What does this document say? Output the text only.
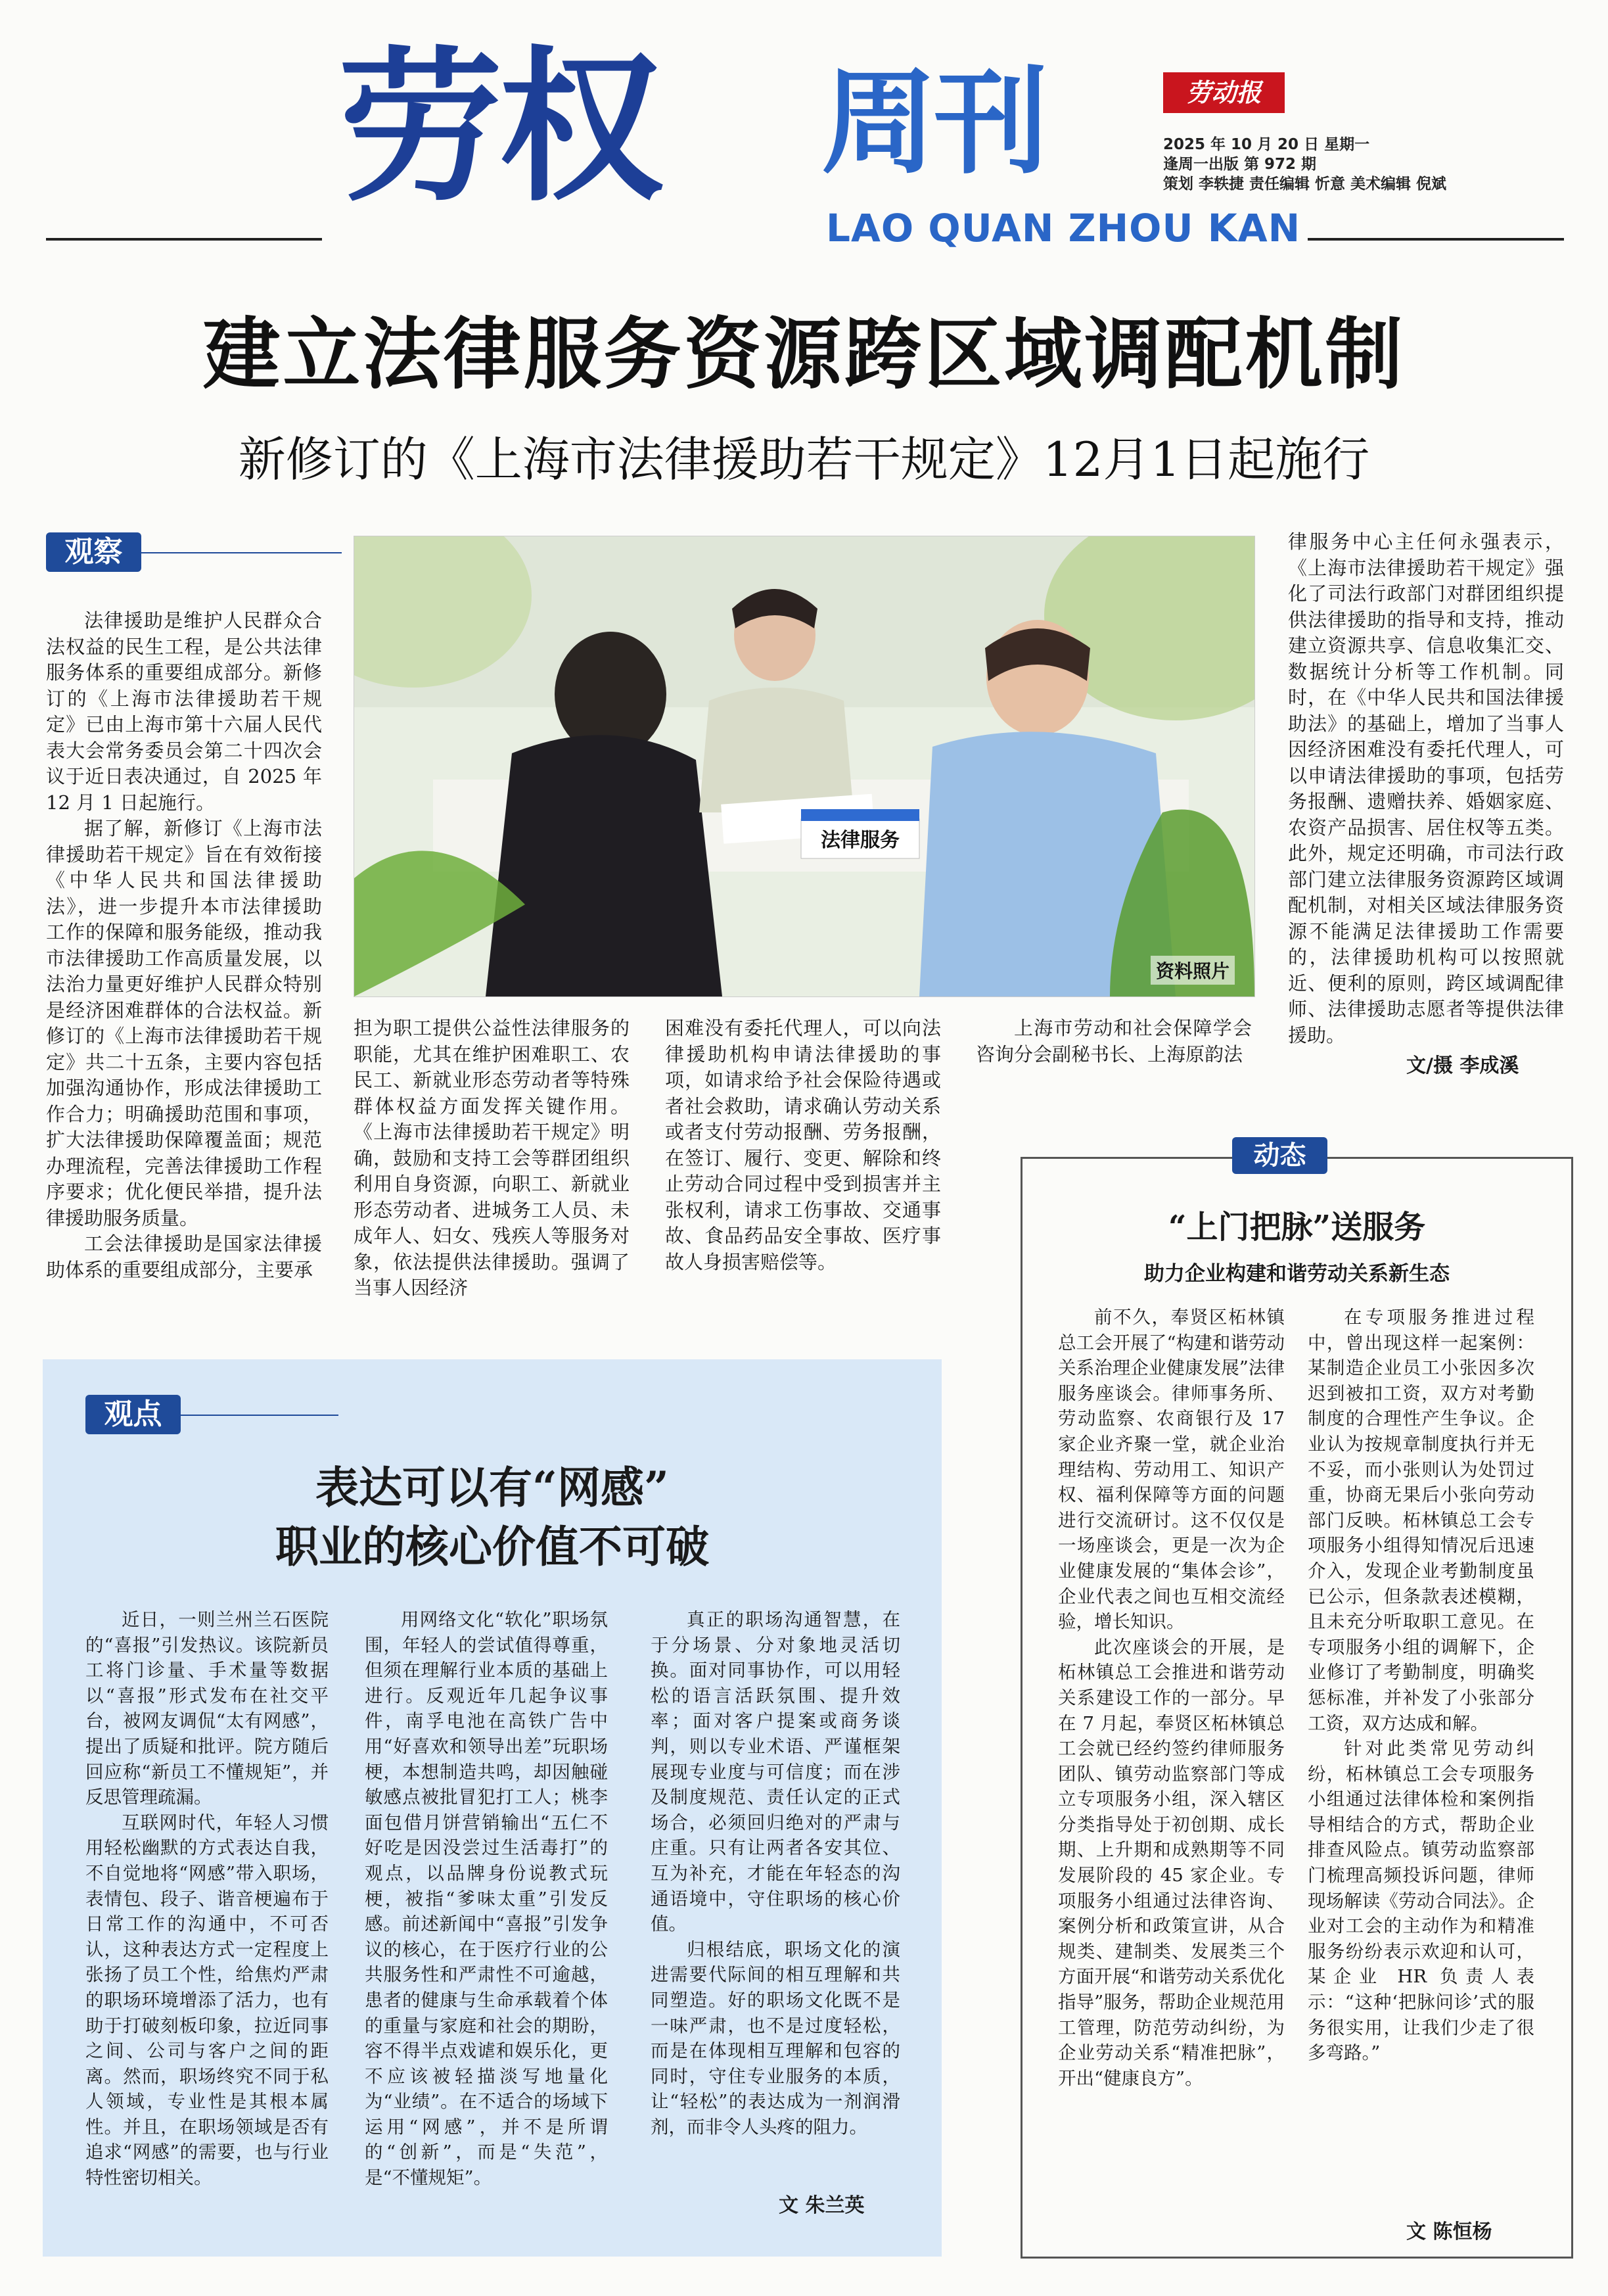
劳权 周刊
LAO QUAN ZHOU KAN
劳动报
2025 年 10 月 20 日 星期一
逢周一出版 第 972 期
策划 李轶捷 责任编辑 忻意 美术编辑 倪斌
建立法律服务资源跨区域调配机制
新修订的《上海市法律援助若干规定》12月1日起施行
观察

法律援助是维护人民群众合法权益的民生工程，是公共法律服务体系的重要组成部分。新修订的《上海市法律援助若干规定》已由上海市第十六届人民代表大会常务委员会第二十四次会议于近日表决通过，自 2025 年 12 月 1 日起施行。

据了解，新修订《上海市法律援助若干规定》旨在有效衔接《中华人民共和国法律援助法》，进一步提升本市法律援助工作的保障和服务能级，推动我市法律援助工作高质量发展，以法治力量更好维护人民群众特别是经济困难群体的合法权益。新修订的《上海市法律援助若干规定》共二十五条，主要内容包括加强沟通协作，形成法律援助工作合力；明确援助范围和事项，扩大法律援助保障覆盖面；规范办理流程，完善法律援助工作程序要求；优化便民举措，提升法律援助服务质量。

工会法律援助是国家法律援助体系的重要组成部分，主要承

法律服务
资料照片

担为职工提供公益性法律服务的职能，尤其在维护困难职工、农民工、新就业形态劳动者等特殊群体权益方面发挥关键作用。《上海市法律援助若干规定》明确，鼓励和支持工会等群团组织利用自身资源，向职工、新就业形态劳动者、进城务工人员、未成年人、妇女、残疾人等服务对象，依法提供法律援助。强调了当事人因经济

困难没有委托代理人，可以向法律援助机构申请法律援助的事项，如请求给予社会保险待遇或者社会救助，请求确认劳动关系或者支付劳动报酬、劳务报酬，在签订、履行、变更、解除和终止劳动合同过程中受到损害并主张权利，请求工伤事故、交通事故、食品药品安全事故、医疗事故人身损害赔偿等。

上海市劳动和社会保障学会咨询分会副秘书长、上海原韵法

律服务中心主任何永强表示，《上海市法律援助若干规定》强化了司法行政部门对群团组织提供法律援助的指导和支持，推动建立资源共享、信息收集汇交、数据统计分析等工作机制。同时，在《中华人民共和国法律援助法》的基础上，增加了当事人因经济困难没有委托代理人，可以申请法律援助的事项，包括劳务报酬、遗赠扶养、婚姻家庭、农资产品损害、居住权等五类。此外，规定还明确，市司法行政部门建立法律服务资源跨区域调配机制，对相关区域法律服务资源不能满足法律援助工作需要的，法律援助机构可以按照就近、便利的原则，跨区域调配律师、法律援助志愿者等提供法律援助。

文/摄 李成溪
观点
表达可以有“网感”
职业的核心价值不可破

近日，一则兰州兰石医院的“喜报”引发热议。该院新员工将门诊量、手术量等数据以“喜报”形式发布在社交平台，被网友调侃“太有网感”，提出了质疑和批评。院方随后回应称“新员工不懂规矩”，并反思管理疏漏。

互联网时代，年轻人习惯用轻松幽默的方式表达自我，不自觉地将“网感”带入职场，表情包、段子、谐音梗遍布于日常工作的沟通中，不可否认，这种表达方式一定程度上张扬了员工个性，给焦灼严肃的职场环境增添了活力，也有助于打破刻板印象，拉近同事之间、公司与客户之间的距离。然而，职场终究不同于私人领域，专业性是其根本属性。并且，在职场领域是否有追求“网感”的需要，也与行业特性密切相关。

用网络文化“软化”职场氛围，年轻人的尝试值得尊重，但须在理解行业本质的基础上进行。反观近年几起争议事件，南孚电池在高铁广告中用“好喜欢和领导出差”玩职场梗，本想制造共鸣，却因触碰敏感点被批冒犯打工人；桃李面包借月饼营销输出“五仁不好吃是因没尝过生活毒打”的观点，以品牌身份说教式玩梗，被指“爹味太重”引发反感。前述新闻中“喜报”引发争议的核心，在于医疗行业的公共服务性和严肃性不可逾越，患者的健康与生命承载着个体的重量与家庭和社会的期盼，容不得半点戏谑和娱乐化，更不应该被轻描淡写地量化为“业绩”。在不适合的场域下运用“网感”，并不是所谓的“创新”，而是“失范”，是“不懂规矩”。

真正的职场沟通智慧，在于分场景、分对象地灵活切换。面对同事协作，可以用轻松的语言活跃氛围、提升效率；面对客户提案或商务谈判，则以专业术语、严谨框架展现专业度与可信度；而在涉及制度规范、责任认定的正式场合，必须回归绝对的严肃与庄重。只有让两者各安其位、互为补充，才能在年轻态的沟通语境中，守住职场的核心价值。

归根结底，职场文化的演进需要代际间的相互理解和共同塑造。好的职场文化既不是一味严肃，也不是过度轻松，而是在体现相互理解和包容的同时，守住专业服务的本质，让“轻松”的表达成为一剂润滑剂，而非令人头疼的阻力。

文 朱兰英
动态
“上门把脉”送服务
助力企业构建和谐劳动关系新生态

前不久，奉贤区柘林镇总工会开展了“构建和谐劳动关系治理企业健康发展”法律服务座谈会。律师事务所、劳动监察、农商银行及 17 家企业齐聚一堂，就企业治理结构、劳动用工、知识产权、福利保障等方面的问题进行交流研讨。这不仅仅是一场座谈会，更是一次为企业健康发展的“集体会诊”，企业代表之间也互相交流经验，增长知识。

此次座谈会的开展，是柘林镇总工会推进和谐劳动关系建设工作的一部分。早在 7 月起，奉贤区柘林镇总工会就已经约签约律师服务团队、镇劳动监察部门等成立专项服务小组，深入辖区分类指导处于初创期、成长期、上升期和成熟期等不同发展阶段的 45 家企业。专项服务小组通过法律咨询、案例分析和政策宣讲，从合规类、建制类、发展类三个方面开展“和谐劳动关系优化指导”服务，帮助企业规范用工管理，防范劳动纠纷，为企业劳动关系“精准把脉”，开出“健康良方”。

在专项服务推进过程中，曾出现这样一起案例：某制造企业员工小张因多次迟到被扣工资，双方对考勤制度的合理性产生争议。企业认为按规章制度执行并无不妥，而小张则认为处罚过重，协商无果后小张向劳动部门反映。柘林镇总工会专项服务小组得知情况后迅速介入，发现企业考勤制度虽已公示，但条款表述模糊，且未充分听取职工意见。在专项服务小组的调解下，企业修订了考勤制度，明确奖惩标准，并补发了小张部分工资，双方达成和解。

针对此类常见劳动纠纷，柘林镇总工会专项服务小组通过法律体检和案例指导相结合的方式，帮助企业排查风险点。镇劳动监察部门梳理高频投诉问题，律师现场解读《劳动合同法》。企业对工会的主动作为和精准服务纷纷表示欢迎和认可，某企业 HR 负责人表示：“这种‘把脉问诊’式的服务很实用，让我们少走了很多弯路。”

文 陈恒杨
